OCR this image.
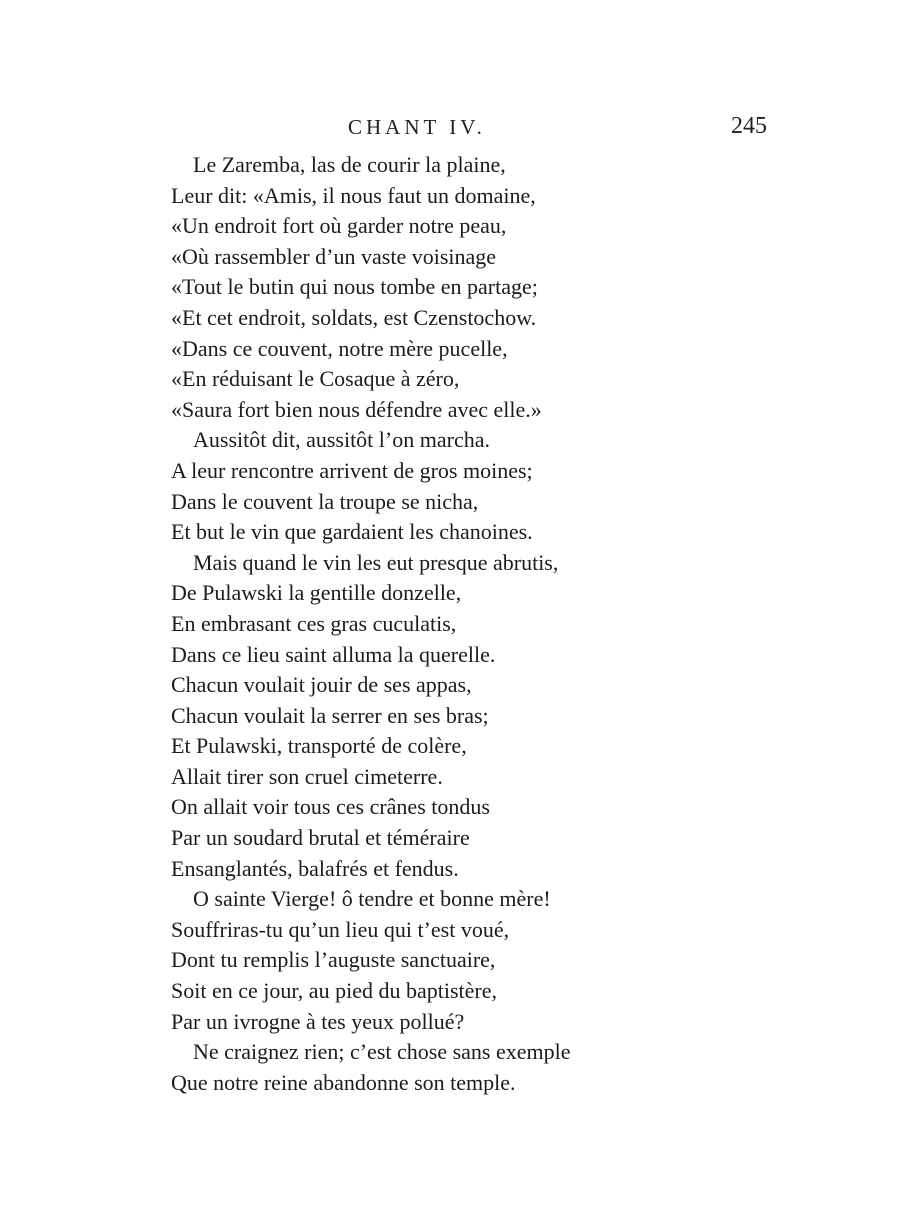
CHANT IV.	245
Le Zaremba, las de courir la plaine,
Leur dit: «Amis, il nous faut un domaine,
«Un endroit fort où garder notre peau,
«Où rassembler d’un vaste voisinage
«Tout le butin qui nous tombe en partage;
«Et cet endroit, soldats, est Czenstochow.
«Dans ce couvent, notre mère pucelle,
«En réduisant le Cosaque à zéro,
«Saura fort bien nous défendre avec elle.»
Aussitôt dit, aussitôt l’on marcha.
A leur rencontre arrivent de gros moines;
Dans le couvent la troupe se nicha,
Et but le vin que gardaient les chanoines.
Mais quand le vin les eut presque abrutis,
De Pulawski la gentille donzelle,
En embrasant ces gras cuculatis,
Dans ce lieu saint alluma la querelle.
Chacun voulait jouir de ses appas,
Chacun voulait la serrer en ses bras;
Et Pulawski, transporté de colère,
Allait tirer son cruel cimeterre.
On allait voir tous ces crânes tondus
Par un soudard brutal et téméraire
Ensanglantés, balafrés et fendus.
O sainte Vierge! ô tendre et bonne mère!
Souffriras-tu qu’un lieu qui t’est voué,
Dont tu remplis l’auguste sanctuaire,
Soit en ce jour, au pied du baptistère,
Par un ivrogne à tes yeux pollué?
Ne craignez rien; c’est chose sans exemple
Que notre reine abandonne son temple.
